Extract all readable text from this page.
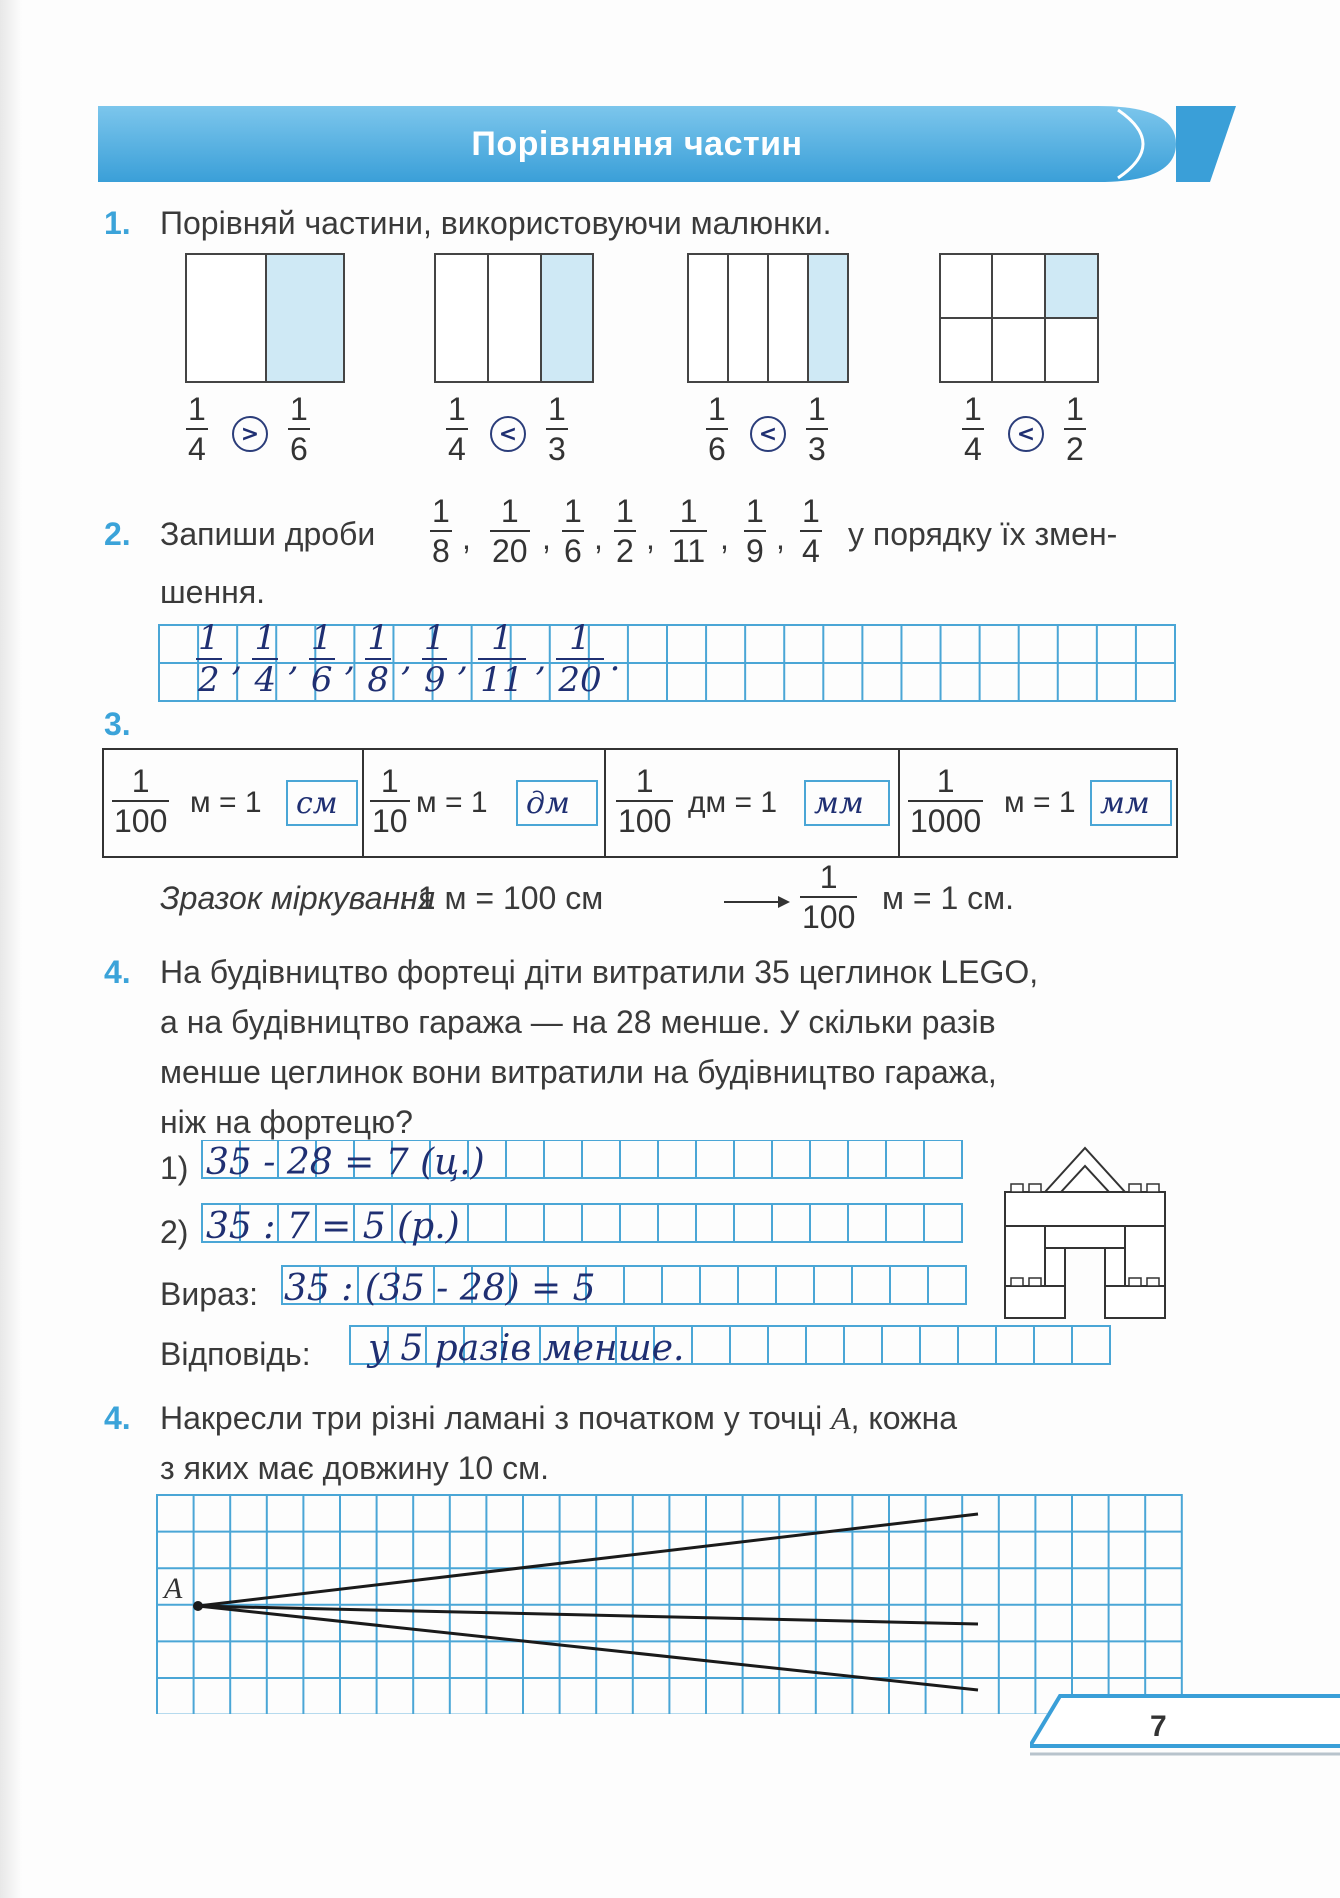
Порівняння частин
1. Порівняй частини, використовуючи малюнки.
1
4	>
1
6
1
4	<
1
3
1
6	<
1
3
1
4	<
1
2
2. Запиши дроби
1
8 ,
1
20 ,
1
6 ,
1
2 ,
1
11 ,
1
9 ,
1
4 у порядку їх змен-
шення.
$\frac{1}{2}$ , $\frac{1}{4}$ , $\frac{1}{6}$ , $\frac{1}{8}$ , $\frac{1}{9}$ , $\frac{1}{11}$ , $\frac{1}{20}$ .
3.
1
100
м = 1 см
1
10
м = 1 дм
1
100
дм = 1 мм
1
1000
м = 1 мм
Зразок міркування
: 1 м = 100 см
1
100
м = 1 см.
4. На будівництво фортеці діти витратили 35 цеглинок LEGO,
а на будівництво гаража — на 28 менше. У скільки разів
менше цеглинок вони витратили на будівництво гаража,
ніж на фортецю?
1) 35 - 28 = 7 (ц.)
2) 35 : 7 = 5 (р.)
Вираз: 35 : (35 - 28) = 5
Відповідь: у 5 разів менше.
4. Накресли три різні ламані з початком у точці A, кожна
з яких має довжину 10 см.
A
7
